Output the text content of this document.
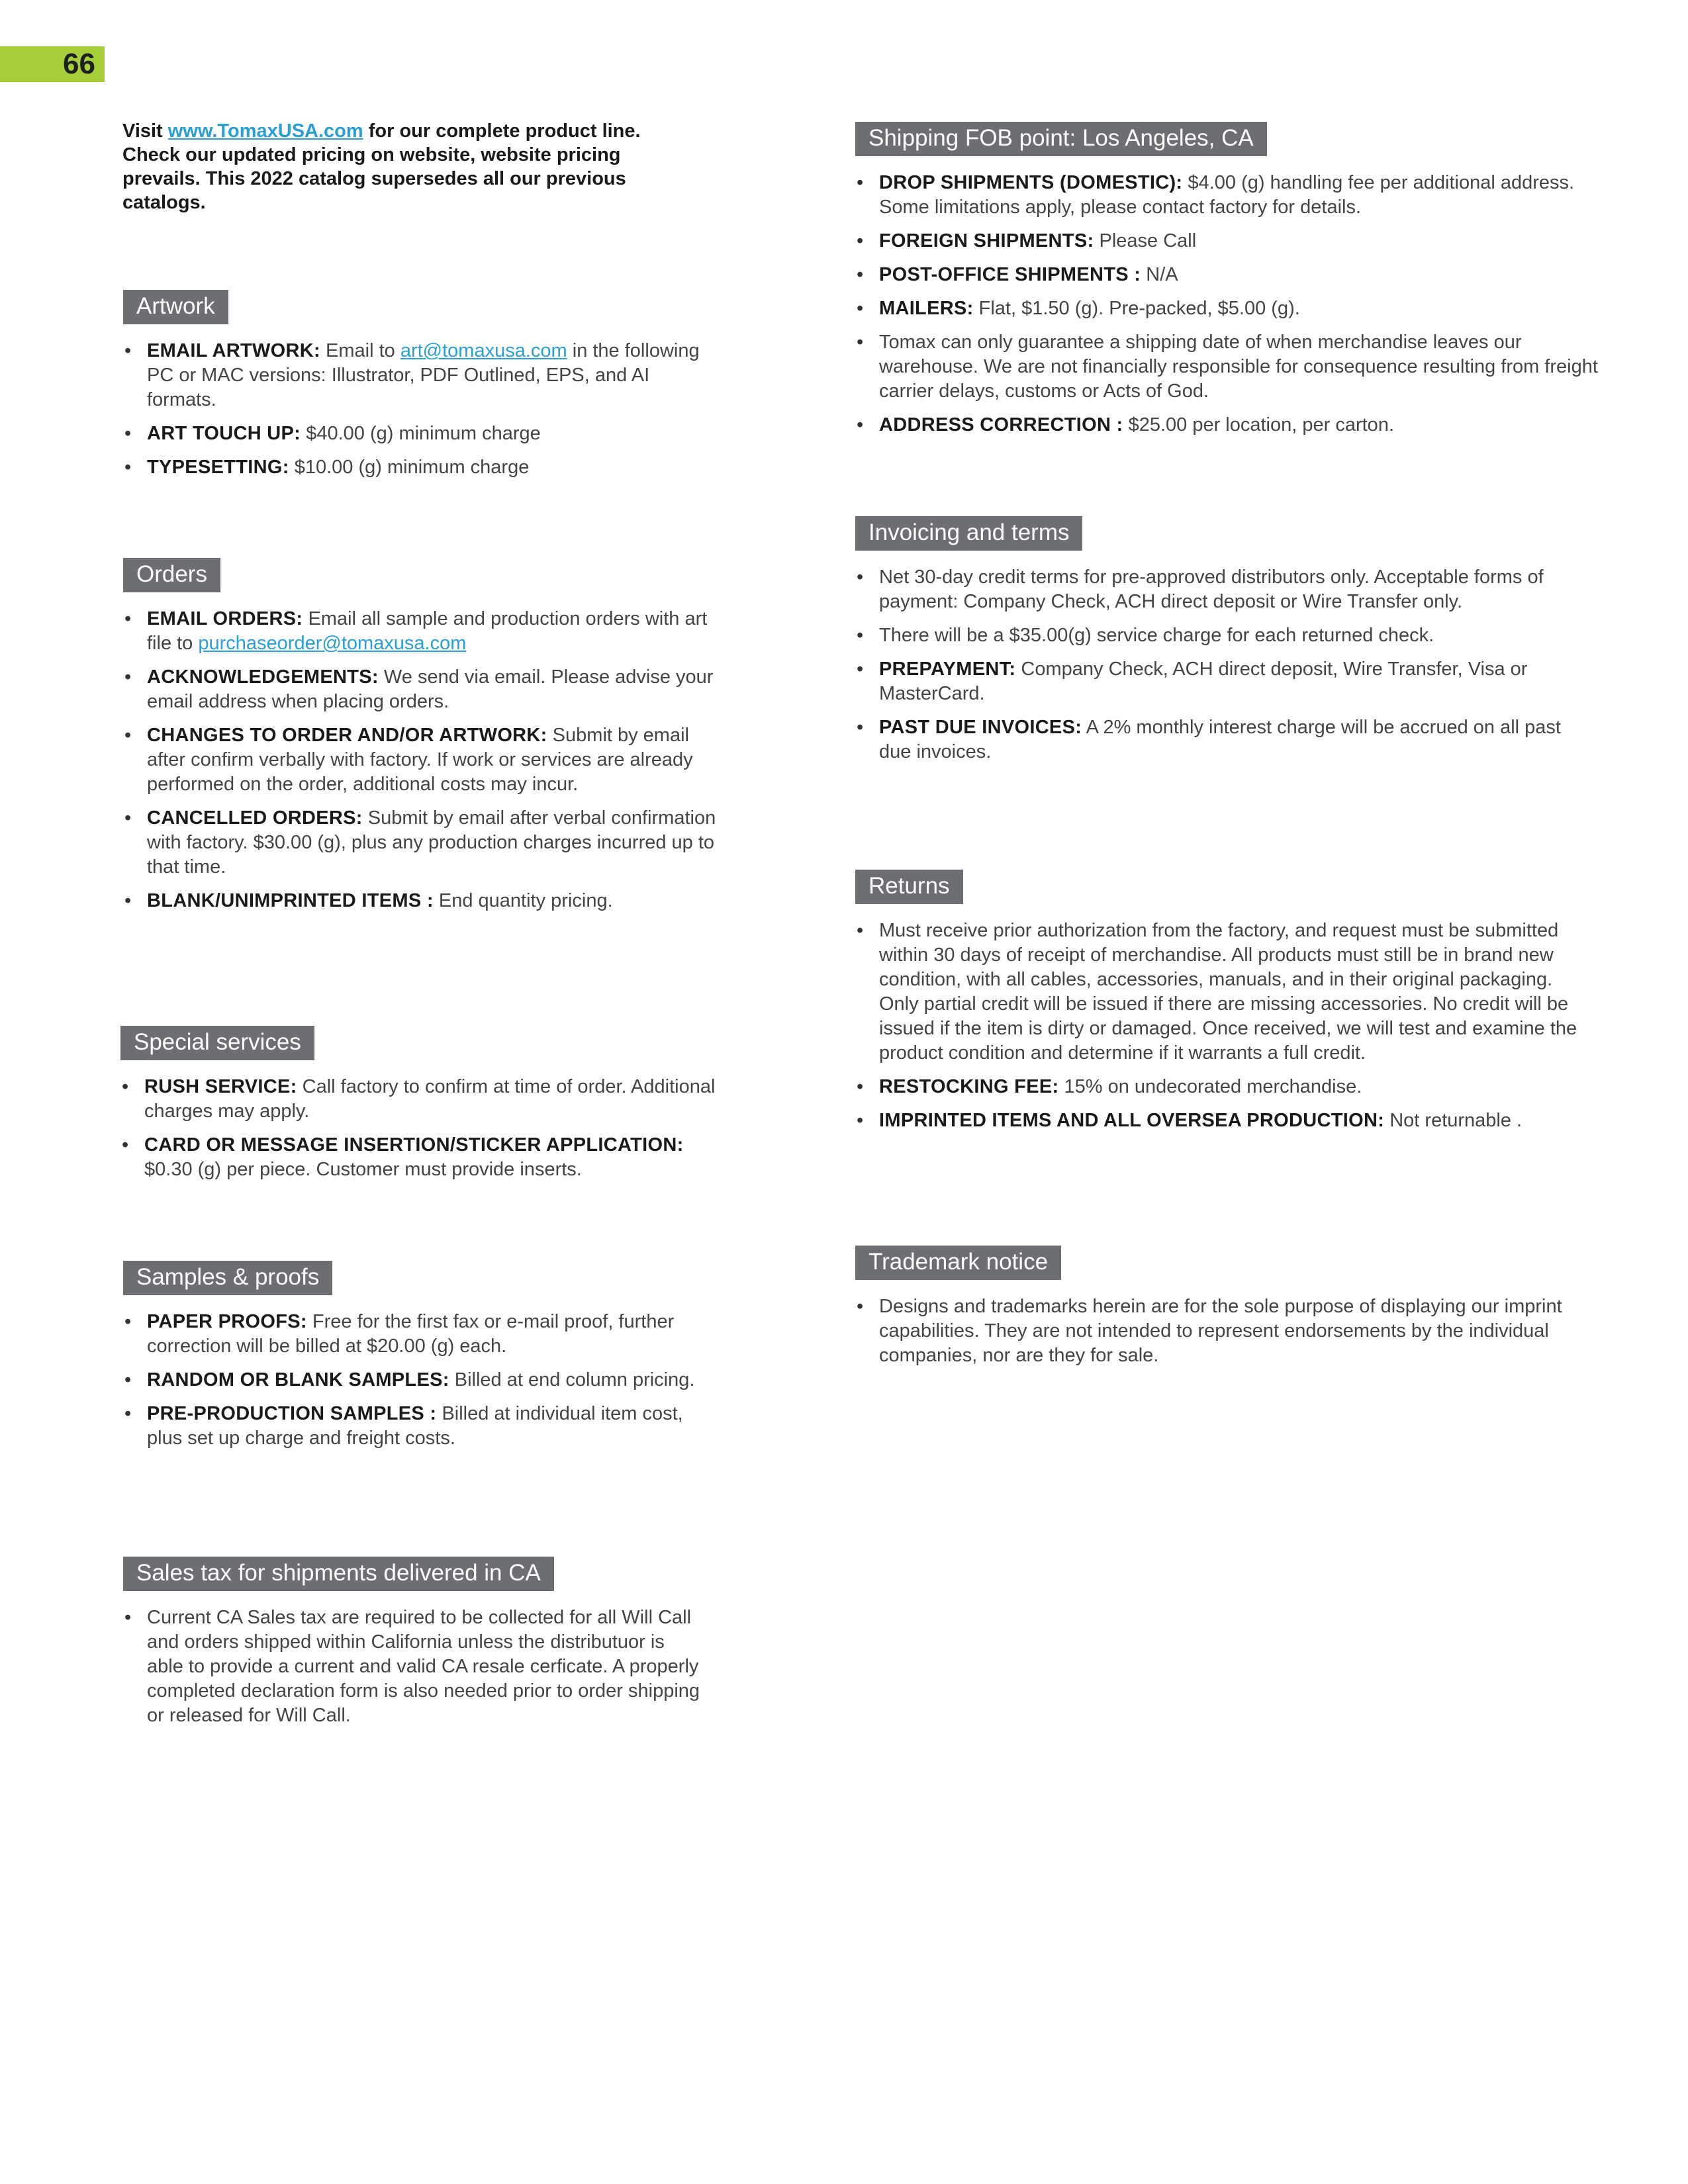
66
Visit www.TomaxUSA.com for our complete product line. Check our updated pricing on website, website pricing prevails. This 2022 catalog supersedes all our previous catalogs.
Artwork
• EMAIL ARTWORK: Email to art@tomaxusa.com in the following PC or MAC versions: Illustrator, PDF Outlined, EPS, and AI formats.
• ART TOUCH UP: $40.00 (g) minimum charge
• TYPESETTING: $10.00 (g) minimum charge
Orders
• EMAIL ORDERS: Email all sample and production orders with art file to purchaseorder@tomaxusa.com
• ACKNOWLEDGEMENTS: We send via email. Please advise your email address when placing orders.
• CHANGES TO ORDER AND/OR ARTWORK: Submit by email after confirm verbally with factory. If work or services are already performed on the order, additional costs may incur.
• CANCELLED ORDERS: Submit by email after verbal confirmation with factory. $30.00 (g), plus any production charges incurred up to that time.
• BLANK/UNIMPRINTED ITEMS : End quantity pricing.
Special services
• RUSH SERVICE: Call factory to confirm at time of order. Additional charges may apply.
• CARD OR MESSAGE INSERTION/STICKER APPLICATION: $0.30 (g) per piece. Customer must provide inserts.
Samples & proofs
• PAPER PROOFS: Free for the first fax or e-mail proof, further correction will be billed at $20.00 (g) each.
• RANDOM OR BLANK SAMPLES: Billed at end column pricing.
• PRE-PRODUCTION SAMPLES : Billed at individual item cost, plus set up charge and freight costs.
Sales tax for shipments delivered in CA
• Current CA Sales tax are required to be collected for all Will Call and orders shipped within California unless the distributuor is able to provide a current and valid CA resale cerficate. A properly completed declaration form is also needed prior to order shipping or released for Will Call.
Shipping FOB point: Los Angeles, CA
• DROP SHIPMENTS (DOMESTIC): $4.00 (g) handling fee per additional address. Some limitations apply, please contact factory for details.
• FOREIGN SHIPMENTS: Please Call
• POST-OFFICE SHIPMENTS : N/A
• MAILERS: Flat, $1.50 (g). Pre-packed, $5.00 (g).
• Tomax can only guarantee a shipping date of when merchandise leaves our warehouse. We are not financially responsible for consequence resulting from freight carrier delays, customs or Acts of God.
• ADDRESS CORRECTION : $25.00 per location, per carton.
Invoicing and terms
• Net 30-day credit terms for pre-approved distributors only. Acceptable forms of payment: Company Check, ACH direct deposit or Wire Transfer only.
• There will be a $35.00(g) service charge for each returned check.
• PREPAYMENT: Company Check, ACH direct deposit, Wire Transfer, Visa or MasterCard.
• PAST DUE INVOICES: A 2% monthly interest charge will be accrued on all past due invoices.
Returns
• Must receive prior authorization from the factory, and request must be submitted within 30 days of receipt of merchandise. All products must still be in brand new condition, with all cables, accessories, manuals, and in their original packaging. Only partial credit will be issued if there are missing accessories. No credit will be issued if the item is dirty or damaged. Once received, we will test and examine the product condition and determine if it warrants a full credit.
• RESTOCKING FEE: 15% on undecorated merchandise.
• IMPRINTED ITEMS AND ALL OVERSEA PRODUCTION: Not returnable .
Trademark notice
• Designs and trademarks herein are for the sole purpose of displaying our imprint capabilities. They are not intended to represent endorsements by the individual companies, nor are they for sale.
